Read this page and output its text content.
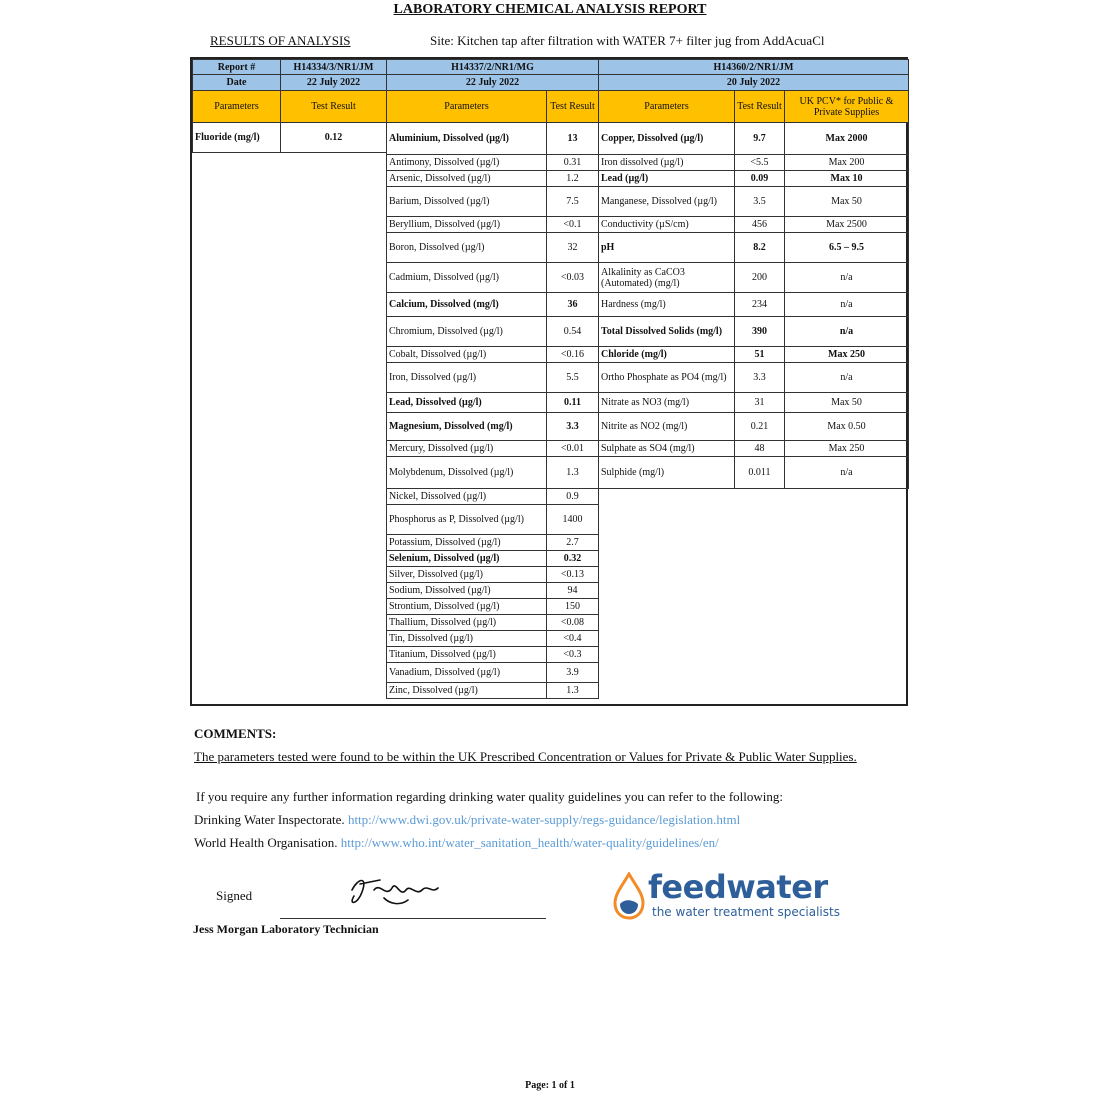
LABORATORY CHEMICAL ANALYSIS REPORT
RESULTS OF ANALYSIS	Site: Kitchen tap after filtration with WATER 7+ filter jug from AddAcuaCl
Report #	H14334/3/NR1/JM
Date	22 July 2022
Parameters	Test Result
Fluoride (mg/l)	0.12
H14337/2/NR1/MG	
22 July 2022	
Parameters	Test Result
Aluminium, Dissolved (µg/l)	13
Antimony, Dissolved (µg/l)	0.31
Arsenic, Dissolved (µg/l)	1.2
Barium, Dissolved (µg/l)	7.5
Beryllium, Dissolved (µg/l)	<0.1
Boron, Dissolved (µg/l)	32
Cadmium, Dissolved (µg/l)	<0.03
Calcium, Dissolved (mg/l)	36
Chromium, Dissolved (µg/l)	0.54
Cobalt, Dissolved (µg/l)	<0.16
Iron, Dissolved (µg/l)	5.5
Lead, Dissolved (µg/l)	0.11
Magnesium, Dissolved (mg/l)	3.3
Mercury, Dissolved (µg/l)	<0.01
Molybdenum, Dissolved (µg/l)	1.3
Nickel, Dissolved (µg/l)	0.9
Phosphorus as P, Dissolved (µg/l)	1400
Potassium, Dissolved (µg/l)	2.7
Selenium, Dissolved (µg/l)	0.32
Silver, Dissolved (µg/l)	<0.13
Sodium, Dissolved (µg/l)	94
Strontium, Dissolved (µg/l)	150
Thallium, Dissolved (µg/l)	<0.08
Tin, Dissolved (µg/l)	<0.4
Titanium, Dissolved (µg/l)	<0.3
Vanadium, Dissolved (µg/l)	3.9
Zinc, Dissolved (µg/l)	1.3
H14360/2/NR1/JM		
20 July 2022		
Parameters	Test Result	UK PCV* for Public & Private Supplies
Copper, Dissolved (µg/l)	9.7	Max 2000
Iron dissolved (µg/l)	<5.5	Max 200
Lead (µg/l)	0.09	Max 10
Manganese, Dissolved (µg/l)	3.5	Max 50
Conductivity (µS/cm)	456	Max 2500
pH	8.2	6.5 – 9.5
Alkalinity as CaCO3 (Automated) (mg/l)	200	n/a
Hardness (mg/l)	234	n/a
Total Dissolved Solids (mg/l)	390	n/a
Chloride (mg/l)	51	Max 250
Ortho Phosphate as PO4 (mg/l)	3.3	n/a
Nitrate as NO3 (mg/l)	31	Max 50
Nitrite as NO2 (mg/l)	0.21	Max 0.50
Sulphate as SO4 (mg/l)	48	Max 250
Sulphide (mg/l)	0.011	n/a
COMMENTS:
The parameters tested were found to be within the UK Prescribed Concentration or Values for Private & Public Water Supplies.
If you require any further information regarding drinking water quality guidelines you can refer to the following:
Drinking Water Inspectorate. http://www.dwi.gov.uk/private-water-supply/regs-guidance/legislation.html
World Health Organisation. http://www.who.int/water_sanitation_health/water-quality/guidelines/en/
Signed
Jess Morgan Laboratory Technician
feedwater
the water treatment specialists
Page: 1 of 1
